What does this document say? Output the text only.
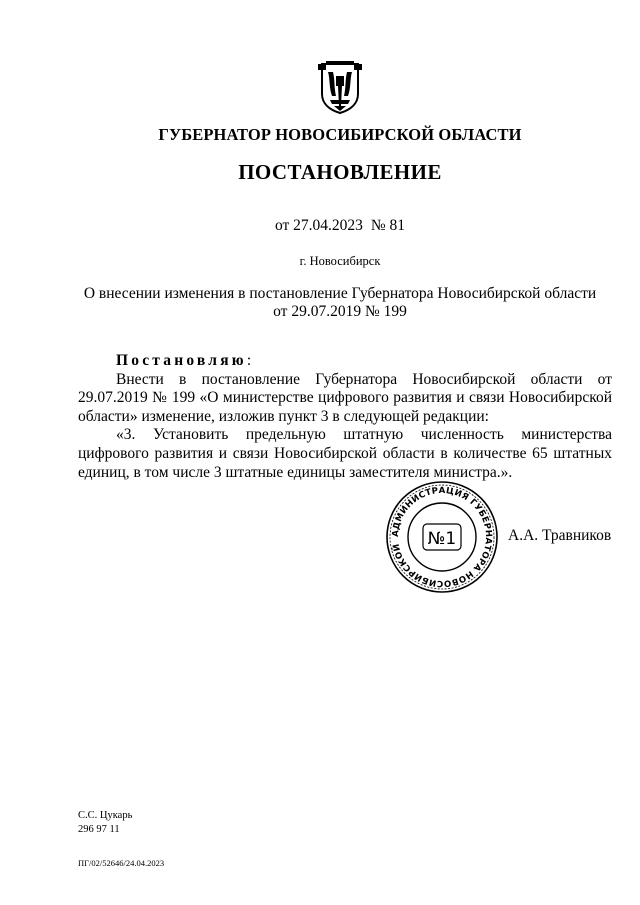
ГУБЕРНАТОР НОВОСИБИРСКОЙ ОБЛАСТИ
ПОСТАНОВЛЕНИЕ
от 27.04.2023 № 81
г. Новосибирск
О внесении изменения в постановление Губернатора Новосибирской области
от 29.07.2019 № 199

Постановляю:

Внести в постановление Губернатора Новосибирской области от 29.07.2019 № 199 «О министерстве цифрового развития и связи Новосибирской области» изменение, изложив пункт 3 в следующей редакции:

«3. Установить предельную штатную численность министерства цифрового развития и связи Новосибирской области в количестве 65 штатных единиц, в том числе 3 штатные единицы заместителя министра.».

АДМИНИСТРАЦИЯ ГУБЕРНАТОРА НОВОСИБИРСКОЙ	№1	А.А. Травников
С.С. Цукарь
296 97 11
ПГ/02/52646/24.04.2023
